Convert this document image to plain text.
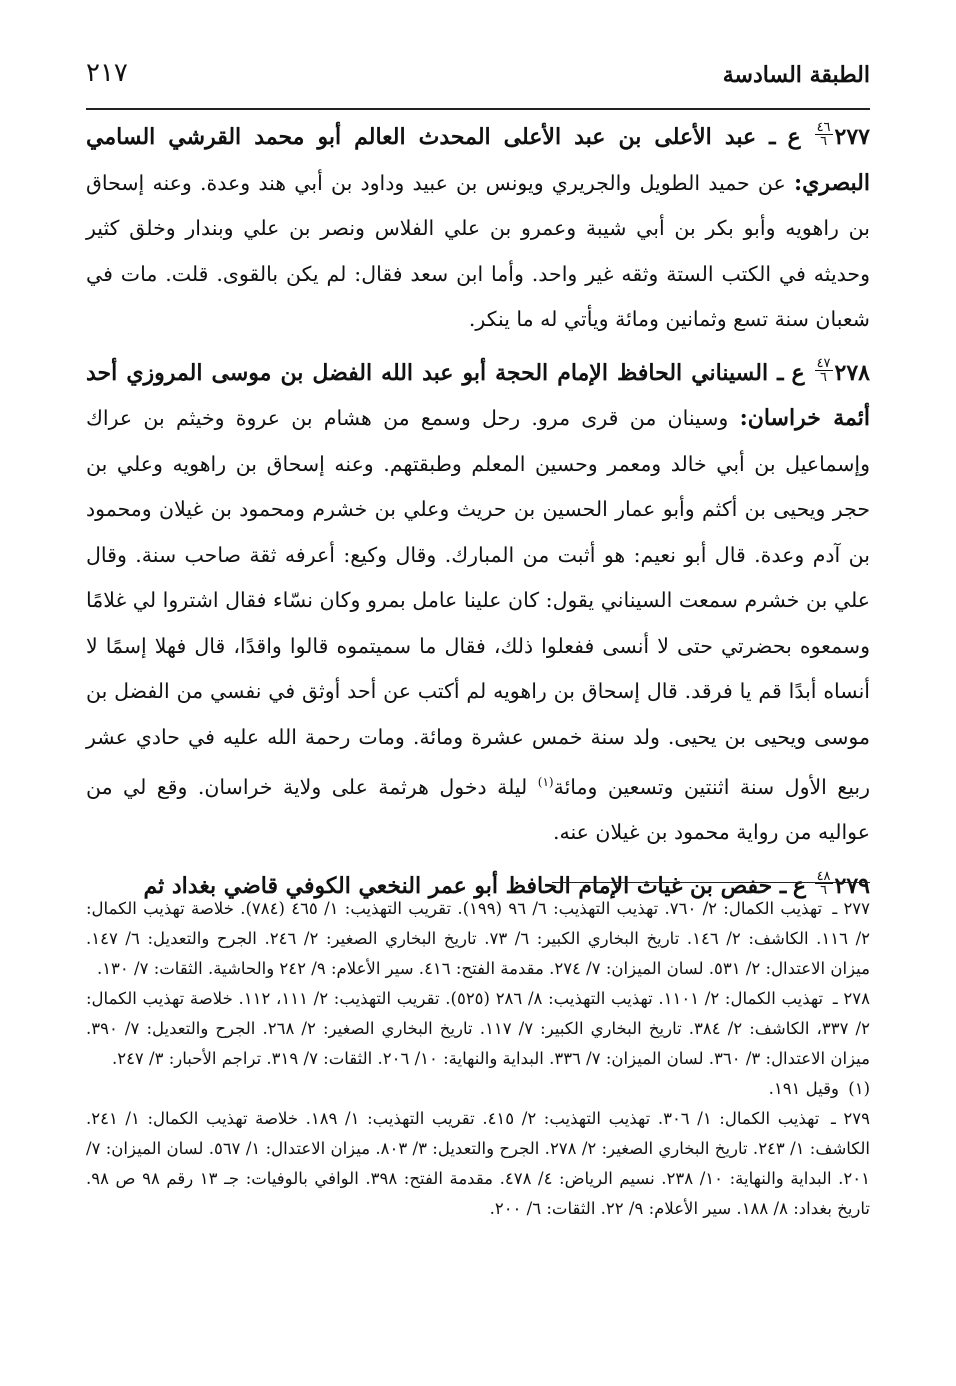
الطبقة السادسة
٢١٧

٢٧٧
$\frac{٤٦}{٦}$
ع ـ عبد الأعلى بن عبد الأعلى المحدث العالم أبو محمد القرشي السامي البصري: عن حميد الطويل والجريري ويونس بن عبيد وداود بن أبي هند وعدة. وعنه إسحاق بن راهويه وأبو بكر بن أبي شيبة وعمرو بن علي الفلاس ونصر بن علي وبندار وخلق كثير وحديثه في الكتب الستة وثقه غير واحد. وأما ابن سعد فقال: لم يكن بالقوى. قلت. مات في شعبان سنة تسع وثمانين ومائة ويأتي له ما ينكر.

٢٧٨
$\frac{٤٧}{٦}$
ع ـ السيناني الحافظ الإمام الحجة أبو عبد الله الفضل بن موسى المروزي أحد أئمة خراسان: وسينان من قرى مرو. رحل وسمع من هشام بن عروة وخيثم بن عراك وإسماعيل بن أبي خالد ومعمر وحسين المعلم وطبقتهم. وعنه إسحاق بن راهويه وعلي بن حجر ويحيى بن أكثم وأبو عمار الحسين بن حريث وعلي بن خشرم ومحمود بن غيلان ومحمود بن آدم وعدة. قال أبو نعيم: هو أثبت من المبارك. وقال وكيع: أعرفه ثقة صاحب سنة. وقال علي بن خشرم سمعت السيناني يقول: كان علينا عامل بمرو وكان نسّاء فقال اشتروا لي غلامًا وسمعوه بحضرتي حتى لا أنسى ففعلوا ذلك، فقال ما سميتموه قالوا واقدًا، قال فهلا إسمًا لا أنساه أبدًا قم يا فرقد. قال إسحاق بن راهويه لم أكتب عن أحد أوثق في نفسي من الفضل بن موسى ويحيى بن يحيى. ولد سنة خمس عشرة ومائة. ومات رحمة الله عليه في حادي عشر ربيع الأول سنة اثنتين وتسعين ومائة$^{(١)}$ ليلة دخول هرثمة على ولاية خراسان. وقع لي من عواليه من رواية محمود بن غيلان عنه.

٢٧٩
$\frac{٤٨}{٦}$
ع ـ حفص بن غياث الإمام الحافظ أبو عمر النخعي الكوفي قاضي بغداد ثم

٢٧٧ ـ تهذيب الكمال: ٢/ ٧٦٠. تهذيب التهذيب: ٦/ ٩٦ (١٩٩). تقريب التهذيب: ١/ ٤٦٥ (٧٨٤). خلاصة تهذيب الكمال: ٢/ ١١٦. الكاشف: ٢/ ١٤٦. تاريخ البخاري الكبير: ٦/ ٧٣. تاريخ البخاري الصغير: ٢/ ٢٤٦. الجرح والتعديل: ٦/ ١٤٧. ميزان الاعتدال: ٢/ ٥٣١. لسان الميزان: ٧/ ٢٧٤. مقدمة الفتح: ٤١٦. سير الأعلام: ٩/ ٢٤٢ والحاشية. الثقات: ٧/ ١٣٠.

٢٧٨ ـ تهذيب الكمال: ٢/ ١١٠١. تهذيب التهذيب: ٨/ ٢٨٦ (٥٢٥). تقريب التهذيب: ٢/ ١١١، ١١٢. خلاصة تهذيب الكمال: ٢/ ٣٣٧، الكاشف: ٢/ ٣٨٤. تاريخ البخاري الكبير: ٧/ ١١٧. تاريخ البخاري الصغير: ٢/ ٢٦٨. الجرح والتعديل: ٧/ ٣٩٠. ميزان الاعتدال: ٣/ ٣٦٠. لسان الميزان: ٧/ ٣٣٦. البداية والنهاية: ١٠/ ٢٠٦. الثقات: ٧/ ٣١٩. تراجم الأحبار: ٣/ ٢٤٧.

(١) وقيل ١٩١.

٢٧٩ ـ تهذيب الكمال: ١/ ٣٠٦. تهذيب التهذيب: ٢/ ٤١٥. تقريب التهذيب: ١/ ١٨٩. خلاصة تهذيب الكمال: ١/ ٢٤١. الكاشف: ١/ ٢٤٣. تاريخ البخاري الصغير: ٢/ ٢٧٨. الجرح والتعديل: ٣/ ٨٠٣. ميزان الاعتدال: ١/ ٥٦٧. لسان الميزان: ٧/ ٢٠١. البداية والنهاية: ١٠/ ٢٣٨. نسيم الرياض: ٤/ ٤٧٨. مقدمة الفتح: ٣٩٨. الوافي بالوفيات: جـ ١٣ رقم ٩٨ ص ٩٨. تاريخ بغداد: ٨/ ١٨٨. سير الأعلام: ٩/ ٢٢. الثقات: ٦/ ٢٠٠.
